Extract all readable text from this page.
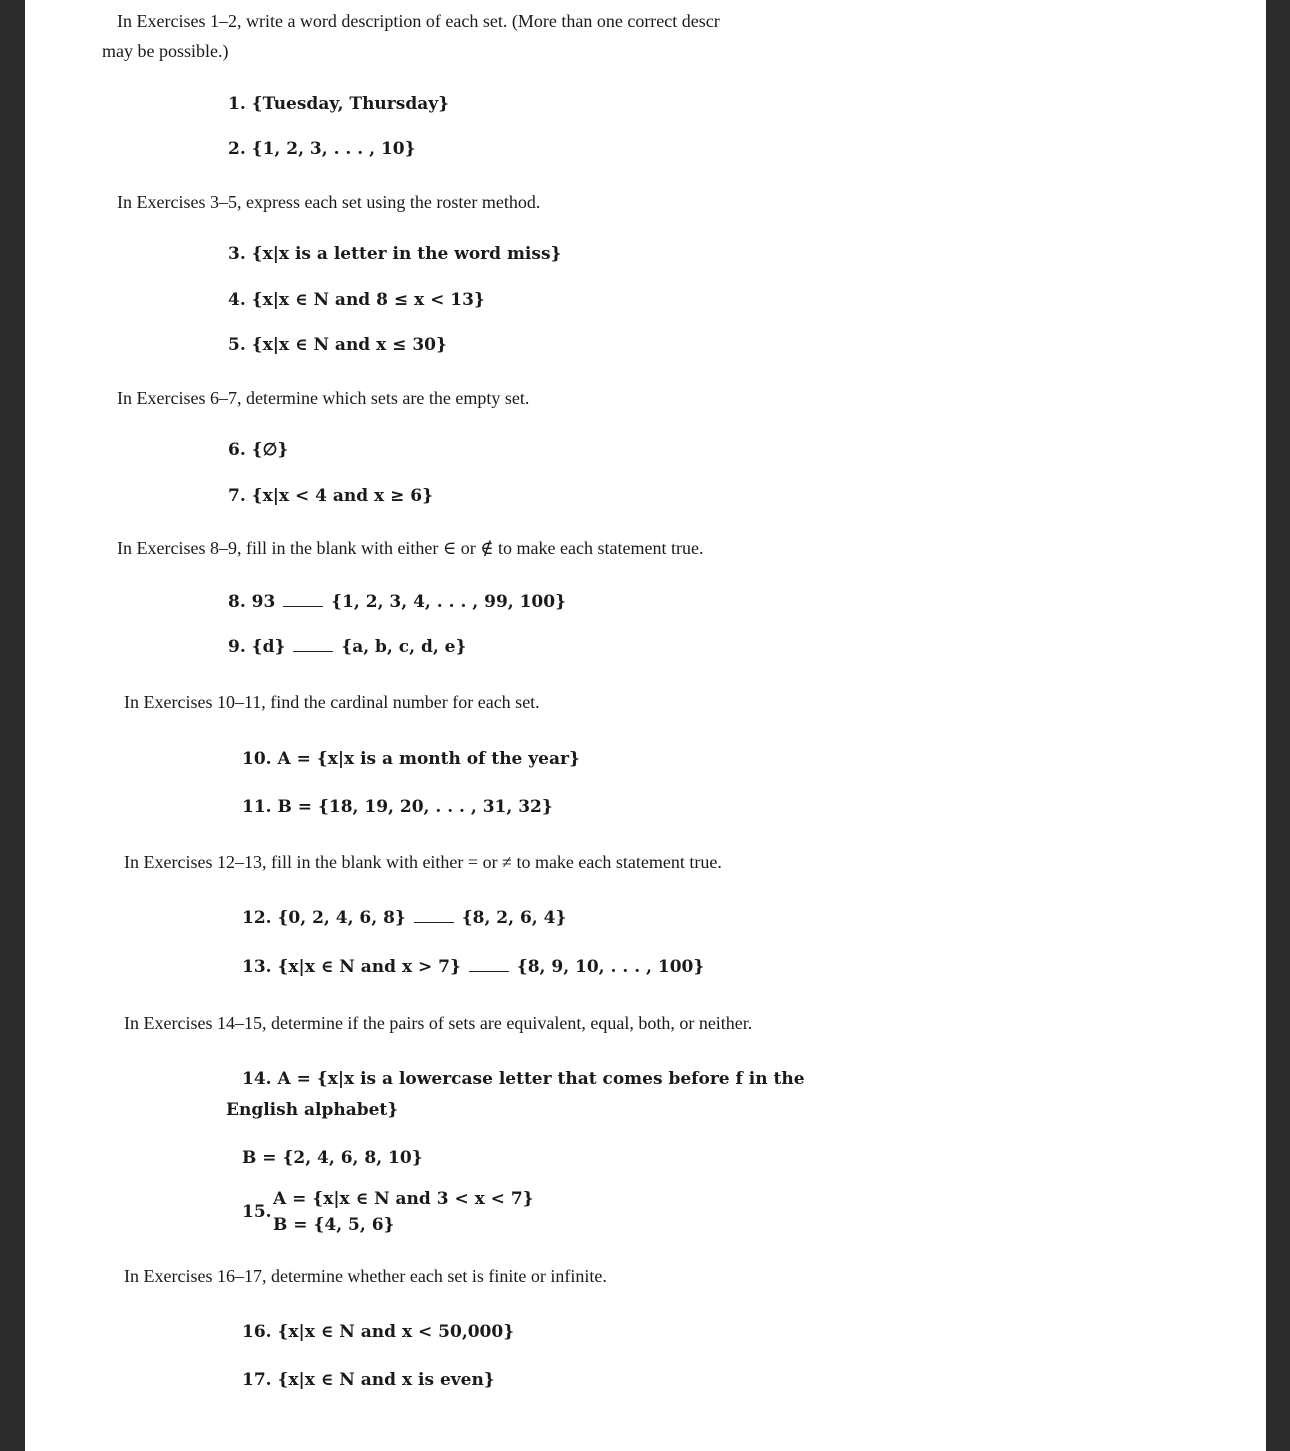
In Exercises 1–2, write a word description of each set. (More than one correct descr
may be possible.)
1. {Tuesday, Thursday}
2. {1, 2, 3, . . . , 10}
In Exercises 3–5, express each set using the roster method.
3. {x|x is a letter in the word miss}
4. {x|x ∈ N and 8 ≤ x < 13}
5. {x|x ∈ N and x ≤ 30}
In Exercises 6–7, determine which sets are the empty set.
6. {∅}
7. {x|x < 4 and x ≥ 6}
In Exercises 8–9, fill in the blank with either ∈ or ∉ to make each statement true.
8. 93	{1, 2, 3, 4, . . . , 99, 100}
9. {d}	{a, b, c, d, e}
In Exercises 10–11, find the cardinal number for each set.
10. A = {x|x is a month of the year}
11. B = {18, 19, 20, . . . , 31, 32}
In Exercises 12–13, fill in the blank with either = or ≠ to make each statement true.
12. {0, 2, 4, 6, 8}	{8, 2, 6, 4}
13. {x|x ∈ N and x > 7}	{8, 9, 10, . . . , 100}
In Exercises 14–15, determine if the pairs of sets are equivalent, equal, both, or neither.
14. A = {x|x is a lowercase letter that comes before f in the
English alphabet}
B = {2, 4, 6, 8, 10}
15.
A = {x|x ∈ N and 3 < x < 7}
B = {4, 5, 6}
In Exercises 16–17, determine whether each set is finite or infinite.
16. {x|x ∈ N and x < 50,000}
17. {x|x ∈ N and x is even}
